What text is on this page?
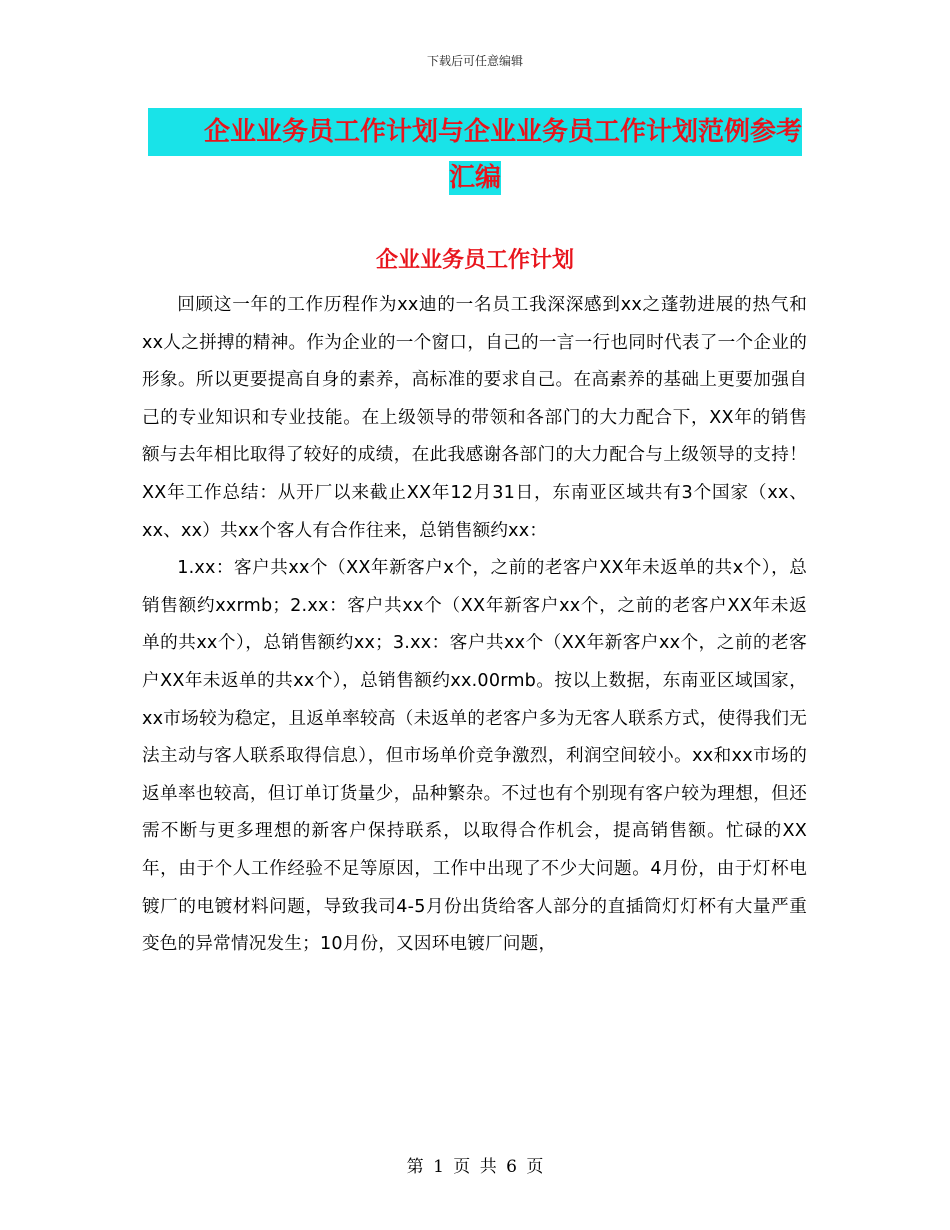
下载后可任意编辑
企业业务员工作计划与企业业务员工作计划范例参考
汇编
企业业务员工作计划

回顾这一年的工作历程作为xx迪的一名员工我深深感到xx之蓬勃进展的热气和xx人之拼搏的精神。作为企业的一个窗口，自己的一言一行也同时代表了一个企业的形象。所以更要提高自身的素养，高标准的要求自己。在高素养的基础上更要加强自己的专业知识和专业技能。在上级领导的带领和各部门的大力配合下，XX年的销售额与去年相比取得了较好的成绩，在此我感谢各部门的大力配合与上级领导的支持！XX年工作总结：从开厂以来截止XX年12月31日，东南亚区域共有3个国家（xx、xx、xx）共xx个客人有合作往来，总销售额约xx：

1.xx：客户共xx个（XX年新客户x个，之前的老客户XX年未返单的共x个），总销售额约xxrmb；2.xx：客户共xx个（XX年新客户xx个，之前的老客户XX年未返单的共xx个），总销售额约xx；3.xx：客户共xx个（XX年新客户xx个，之前的老客户XX年未返单的共xx个），总销售额约xx.00rmb。按以上数据，东南亚区域国家，xx市场较为稳定，且返单率较高（未返单的老客户多为无客人联系方式，使得我们无法主动与客人联系取得信息），但市场单价竞争激烈，利润空间较小。xx和xx市场的返单率也较高，但订单订货量少，品种繁杂。不过也有个别现有客户较为理想，但还需不断与更多理想的新客户保持联系，以取得合作机会，提高销售额。忙碌的XX年，由于个人工作经验不足等原因，工作中出现了不少大问题。4月份，由于灯杯电镀厂的电镀材料问题，导致我司4-5月份出货给客人部分的直插筒灯灯杯有大量严重变色的异常情况发生；10月份，又因环电镀厂问题，

第 1 页 共 6 页
